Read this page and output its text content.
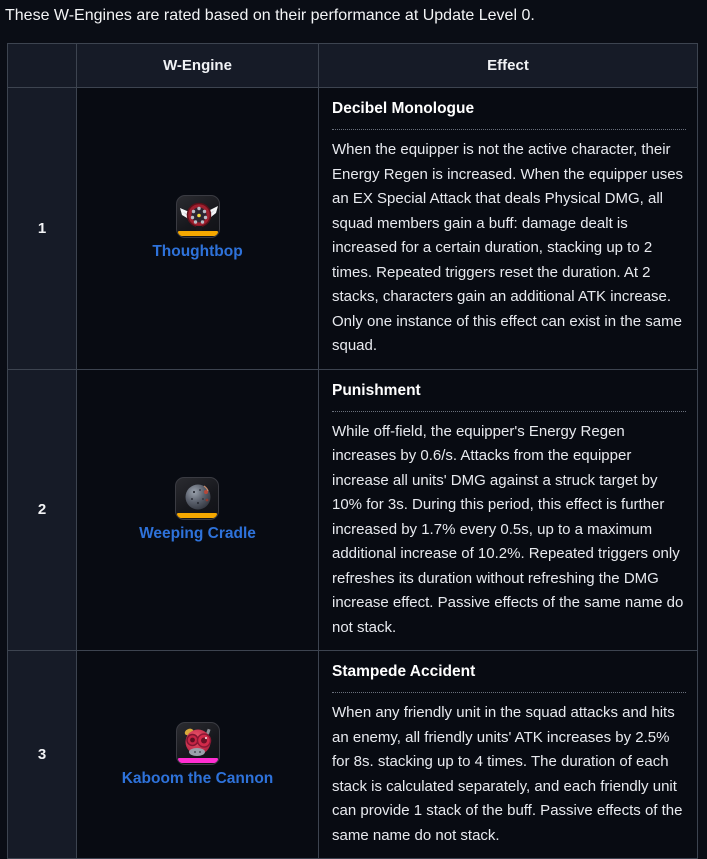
These W-Engines are rated based on their performance at Update Level 0.

	W-Engine	Effect
1	Thoughtbop	Decibel Monologue
When the equipper is not the active character, their Energy Regen is increased. When the equipper uses an EX Special Attack that deals Physical DMG, all squad members gain a buff: damage dealt is increased for a certain duration, stacking up to 2 times. Repeated triggers reset the duration. At 2 stacks, characters gain an additional ATK increase. Only one instance of this effect can exist in the same squad.

2	Weeping Cradle	Punishment
While off-field, the equipper's Energy Regen increases by 0.6/s. Attacks from the equipper increase all units' DMG against a struck target by 10% for 3s. During this period, this effect is further increased by 1.7% every 0.5s, up to a maximum additional increase of 10.2%. Repeated triggers only refreshes its duration without refreshing the DMG increase effect. Passive effects of the same name do not stack.

3	Kaboom the Cannon	Stampede Accident
When any friendly unit in the squad attacks and hits an enemy, all friendly units' ATK increases by 2.5% for 8s. stacking up to 4 times. The duration of each stack is calculated separately, and each friendly unit can provide 1 stack of the buff. Passive effects of the same name do not stack.
